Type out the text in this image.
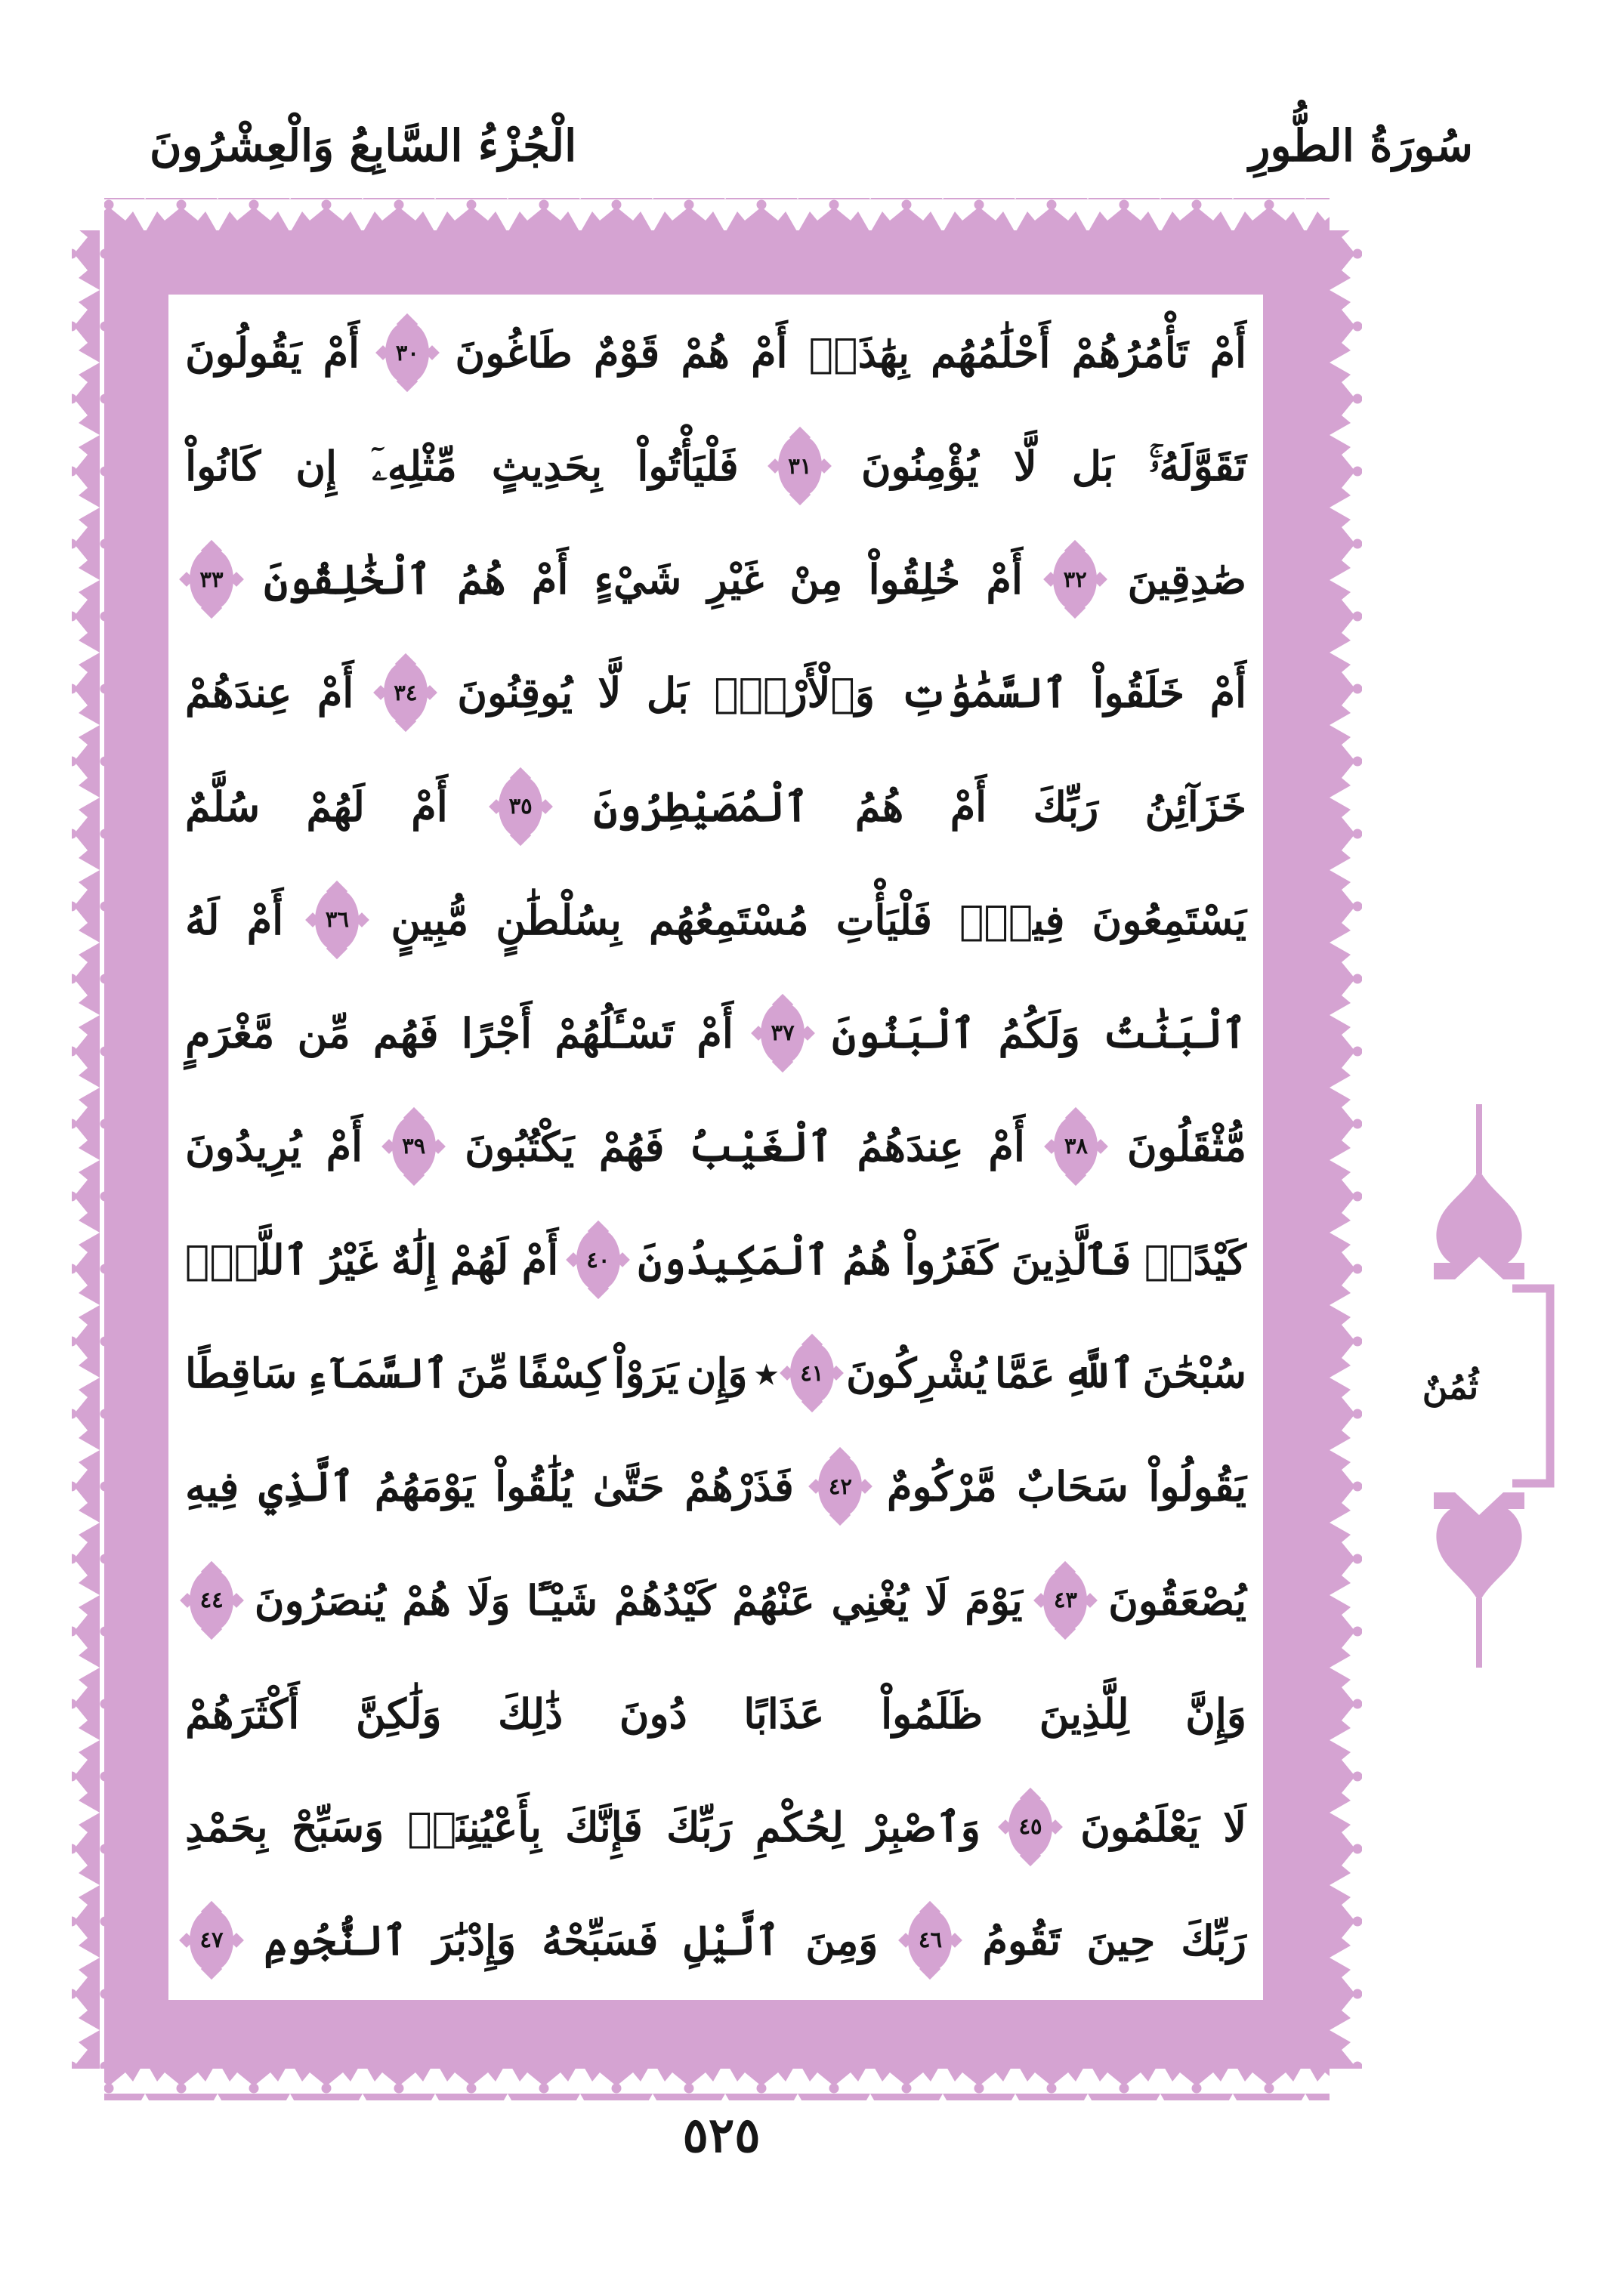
الْجُزْءُ السَّابِعُ وَالْعِشْرُونَ	سُورَةُ الطُّورِ
أَمْ
تَأْمُرُهُمْ
أَحْلَٰمُهُم
بِهَٰذَآۚ
أَمْ
هُمْ
قَوْمٌ
طَاغُونَ
٣٠
أَمْ
يَقُولُونَ
تَقَوَّلَهُۥۚ
بَل
لَّا
يُؤْمِنُونَ
٣١
فَلْيَأْتُواْ
بِحَدِيثٍ
مِّثْلِهِۦٓ
إِن
كَانُواْ
صَٰدِقِينَ
٣٢
أَمْ
خُلِقُواْ
مِنْ
غَيْرِ
شَيْءٍ
أَمْ
هُمُ
ٱلْخَٰلِقُونَ
٣٣
أَمْ
خَلَقُواْ
ٱلسَّمَٰوَٰتِ
وَٱلْأَرْضَۚ
بَل
لَّا
يُوقِنُونَ
٣٤
أَمْ
عِندَهُمْ
خَزَآئِنُ
رَبِّكَ
أَمْ
هُمُ
ٱلْمُصَيْطِرُونَ
٣٥
أَمْ
لَهُمْ
سُلَّمٌ
يَسْتَمِعُونَ
فِيهِۖ
فَلْيَأْتِ
مُسْتَمِعُهُم
بِسُلْطَٰنٍ
مُّبِينٍ
٣٦
أَمْ
لَهُ
ٱلْبَنَٰتُ
وَلَكُمُ
ٱلْبَنُونَ
٣٧
أَمْ
تَسْـَٔلُهُمْ
أَجْرًا
فَهُم
مِّن
مَّغْرَمٍ
مُّثْقَلُونَ
٣٨
أَمْ
عِندَهُمُ
ٱلْغَيْبُ
فَهُمْ
يَكْتُبُونَ
٣٩
أَمْ
يُرِيدُونَ
كَيْدًاۖ
فَٱلَّذِينَ
كَفَرُواْ
هُمُ
ٱلْمَكِيدُونَ
٤٠
أَمْ
لَهُمْ
إِلَٰهٌ
غَيْرُ
ٱللَّهِۚ
سُبْحَٰنَ
ٱللَّهِ
عَمَّا
يُشْرِكُونَ
٤١
٭
وَإِن
يَرَوْاْ
كِسْفًا
مِّنَ
ٱلسَّمَآءِ
سَاقِطًا
يَقُولُواْ
سَحَابٌ
مَّرْكُومٌ
٤٢
فَذَرْهُمْ
حَتَّىٰ
يُلَٰقُواْ
يَوْمَهُمُ
ٱلَّذِي
فِيهِ
يُصْعَقُونَ
٤٣
يَوْمَ
لَا
يُغْنِي
عَنْهُمْ
كَيْدُهُمْ
شَيْـًٔا
وَلَا
هُمْ
يُنصَرُونَ
٤٤
وَإِنَّ
لِلَّذِينَ
ظَلَمُواْ
عَذَابًا
دُونَ
ذَٰلِكَ
وَلَٰكِنَّ
أَكْثَرَهُمْ
لَا
يَعْلَمُونَ
٤٥
وَٱصْبِرْ
لِحُكْمِ
رَبِّكَ
فَإِنَّكَ
بِأَعْيُنِنَاۖ
وَسَبِّحْ
بِحَمْدِ
رَبِّكَ
حِينَ
تَقُومُ
٤٦
وَمِنَ
ٱلَّيْلِ
فَسَبِّحْهُ
وَإِدْبَٰرَ
ٱلنُّجُومِ
٤٧
ثُمُنٌ
٥٢٥
